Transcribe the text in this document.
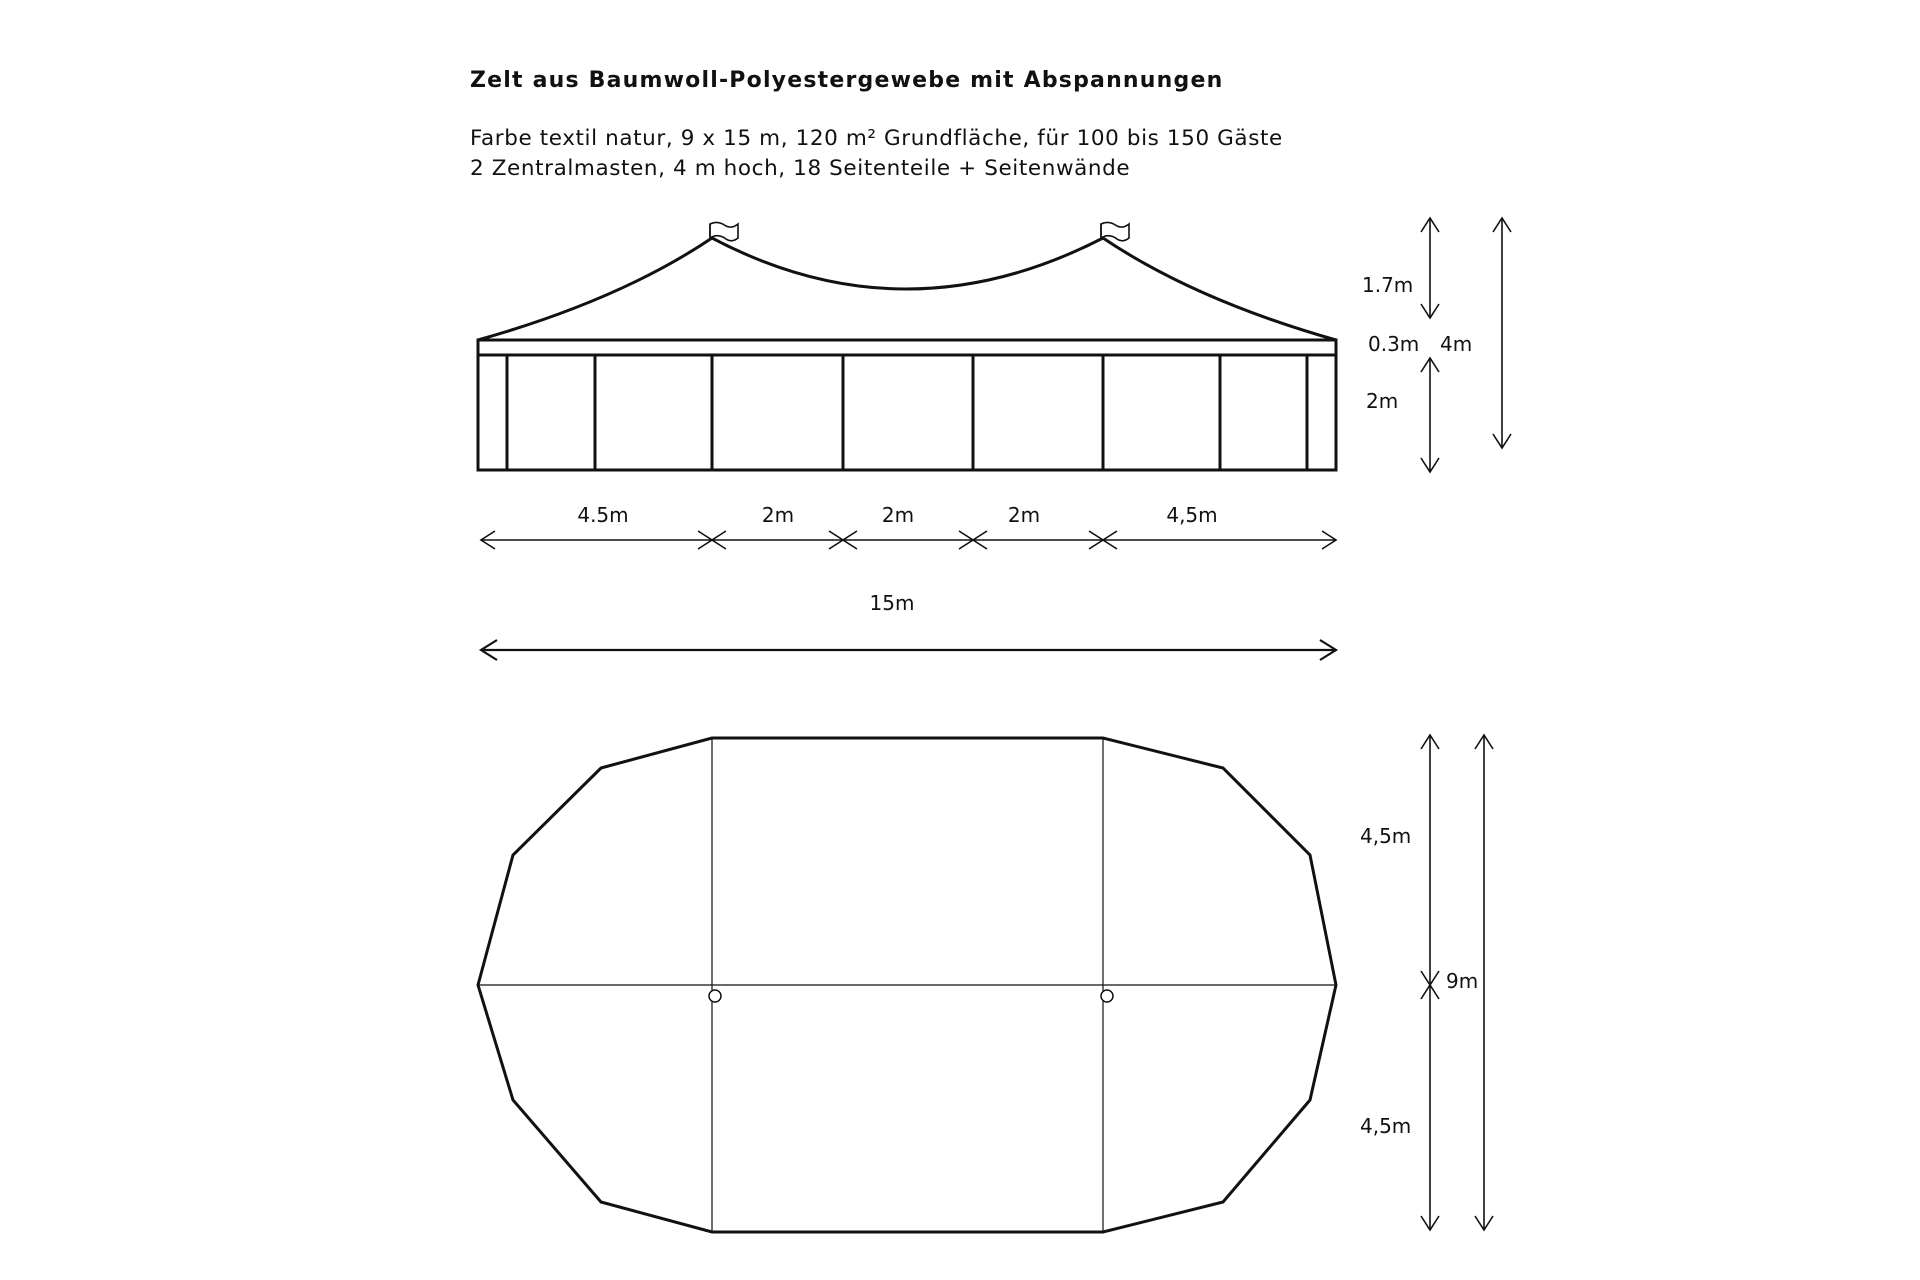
Zelt aus Baumwoll-Polyestergewebe mit Abspannungen

Farbe textil natur, 9 x 15 m, 120 m² Grundfläche, für 100 bis 150 Gäste

2 Zentralmasten, 4 m hoch, 18 Seitenteile + Seitenwände

4.5m	2m	2m	2m	4,5m
15m
1.7m
0.3m 4m
2m
4,5m
9m
4,5m
